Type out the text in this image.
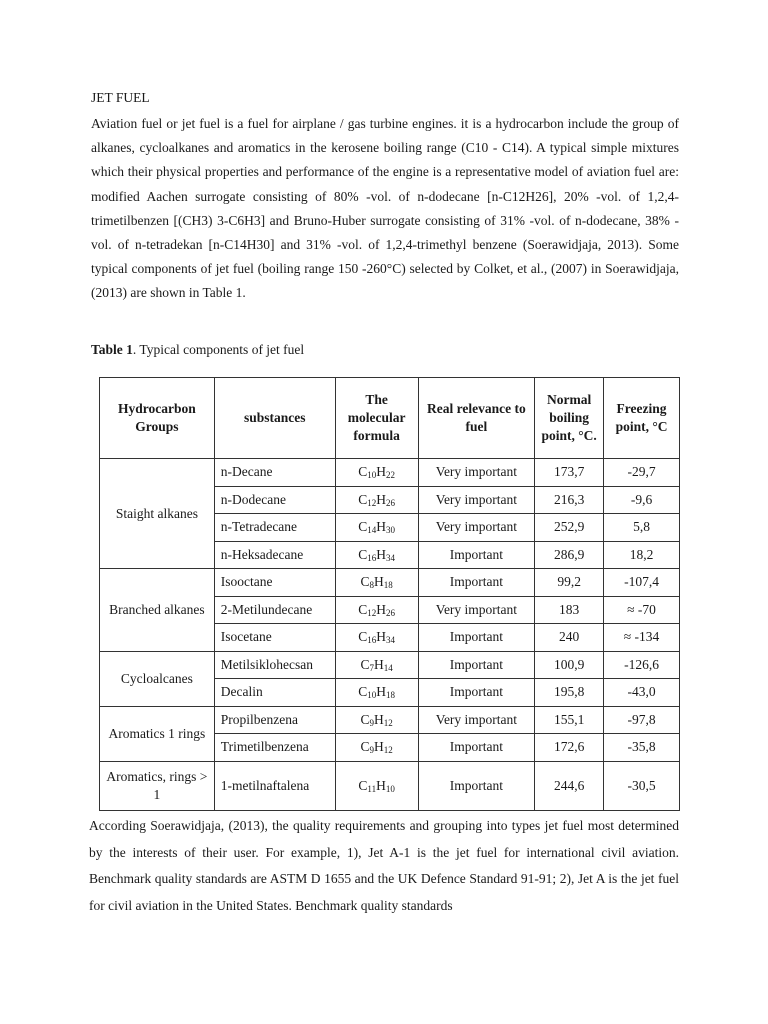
JET FUEL

Aviation fuel or jet fuel is a fuel for airplane / gas turbine engines. it is a hydrocarbon include the group of alkanes, cycloalkanes and aromatics in the kerosene boiling range (C10 - C14). A typical simple mixtures which their physical properties and performance of the engine is a representative model of aviation fuel are: modified Aachen surrogate consisting of 80% -vol. of n-dodecane [n-C12H26], 20% -vol. of 1,2,4-trimetilbenzen [(CH3) 3-C6H3] and Bruno-Huber surrogate consisting of 31% -vol. of n-dodecane, 38% -vol. of n-tetradekan [n-C14H30] and 31% -vol. of 1,2,4-trimethyl benzene (Soerawidjaja, 2013). Some typical components of jet fuel (boiling range 150 -260°C) selected by Colket, et al., (2007) in Soerawidjaja, (2013) are shown in Table 1.

Table 1. Typical components of jet fuel

Hydrocarbon Groups	substances	The molecular formula	Real relevance to fuel	Normal boiling point, °C.	Freezing point, °C
Staight alkanes	n-Decane	$C_{10}H_{22}$	Very important	173,7	-29,7
	n-Dodecane	$C_{12}H_{26}$	Very important	216,3	-9,6
	n-Tetradecane	$C_{14}H_{30}$	Very important	252,9	5,8
	n-Heksadecane	$C_{16}H_{34}$	Important	286,9	18,2
Branched alkanes	Isooctane	$C_8H_{18}$	Important	99,2	-107,4
	2-Metilundecane	$C_{12}H_{26}$	Very important	183	≈ -70
	Isocetane	$C_{16}H_{34}$	Important	240	≈ -134
Cycloalcanes	Metilsiklohecsan	$C_7H_{14}$	Important	100,9	-126,6
	Decalin	$C_{10}H_{18}$	Important	195,8	-43,0
Aromatics 1 rings	Propilbenzena	$C_9H_{12}$	Very important	155,1	-97,8
	Trimetilbenzena	$C_9H_{12}$	Important	172,6	-35,8
Aromatics, rings > 1	1-metilnaftalena	$C_{11}H_{10}$	Important	244,6	-30,5

According Soerawidjaja, (2013), the quality requirements and grouping into types jet fuel most determined by the interests of their user. For example, 1), Jet A-1 is the jet fuel for international civil aviation. Benchmark quality standards are ASTM D 1655 and the UK Defence Standard 91-91; 2), Jet A is the jet fuel for civil aviation in the United States. Benchmark quality standards
